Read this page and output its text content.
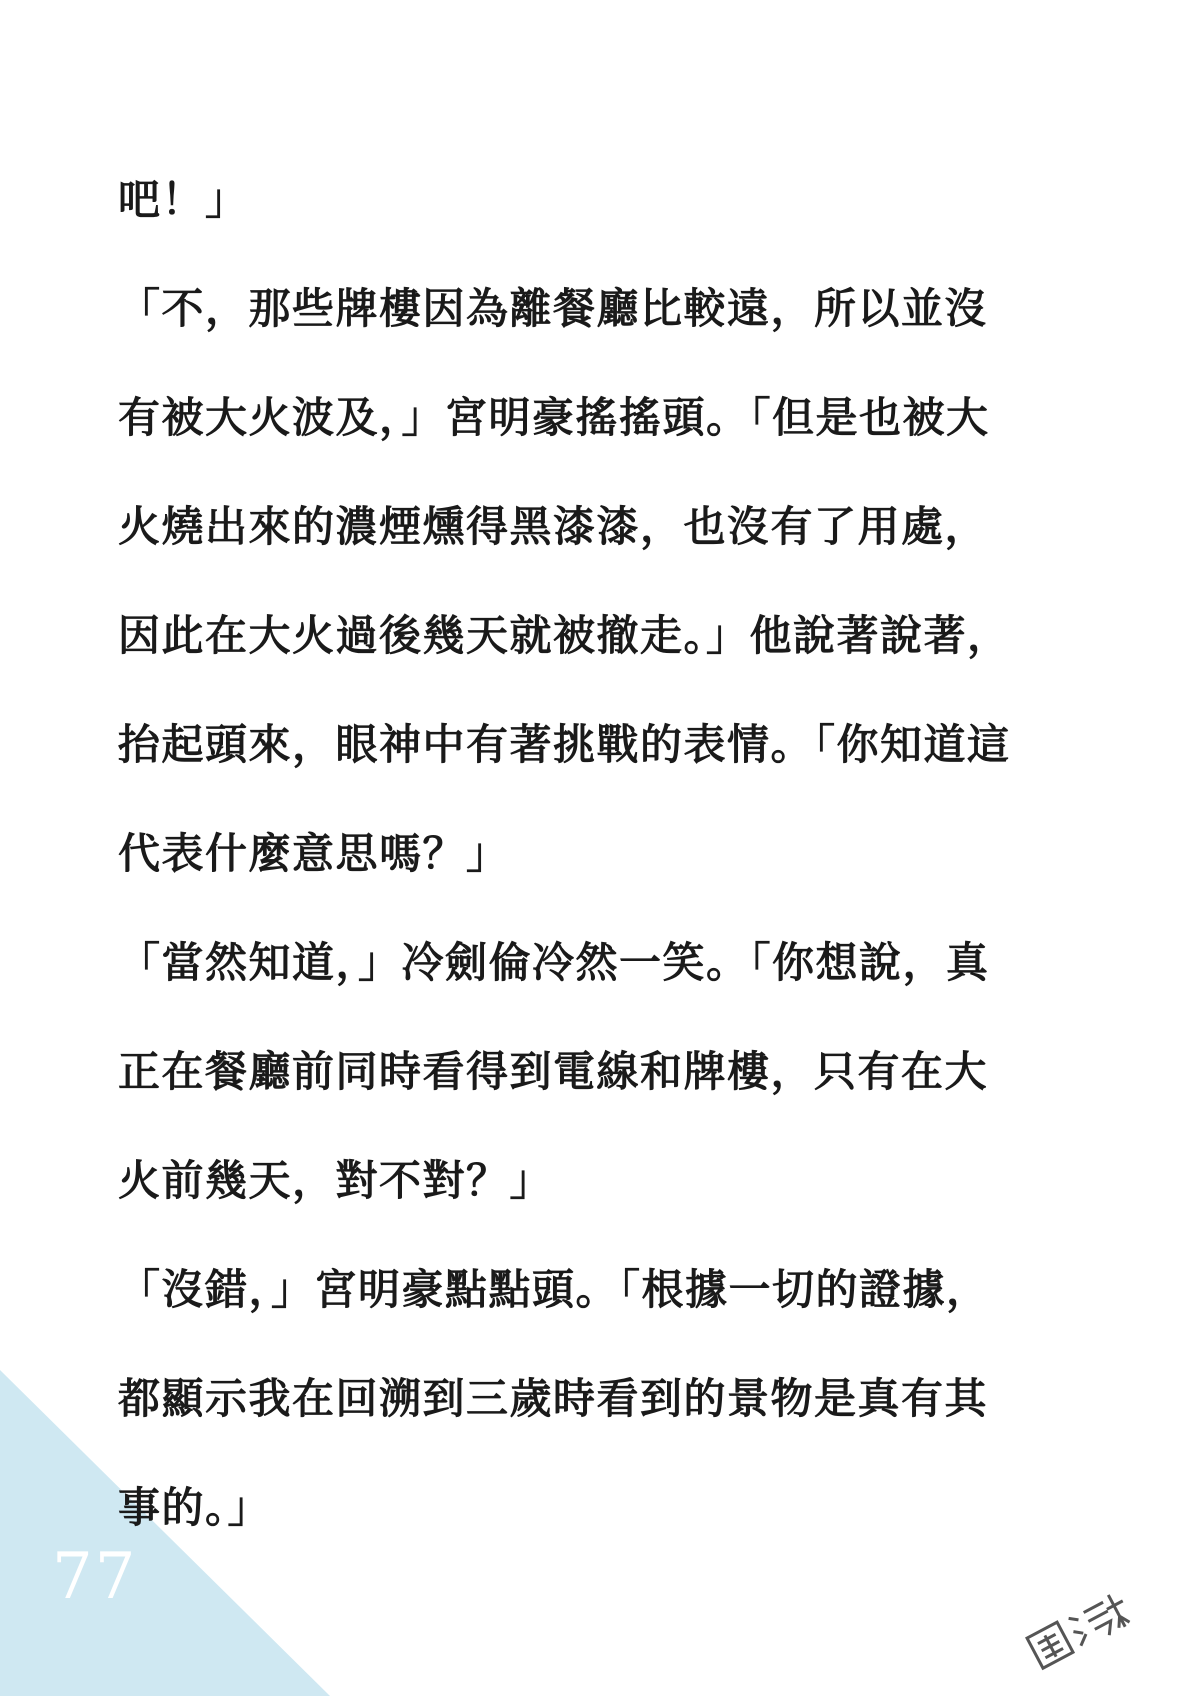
吧！」
「不，那些牌樓因為離餐廳比較遠，所以並沒
有被大火波及，」宮明豪搖搖頭。「但是也被大
火燒出來的濃煙燻得黑漆漆，也沒有了用處，
因此在大火過後幾天就被撤走。」他說著說著，
抬起頭來，眼神中有著挑戰的表情。「你知道這
代表什麼意思嗎？」
「當然知道，」冷劍倫冷然一笑。「你想說，真
正在餐廳前同時看得到電線和牌樓，只有在大
火前幾天，對不對？」
「沒錯，」宮明豪點點頭。「根據一切的證據，
都顯示我在回溯到三歲時看到的景物是真有其
事的。」
77
